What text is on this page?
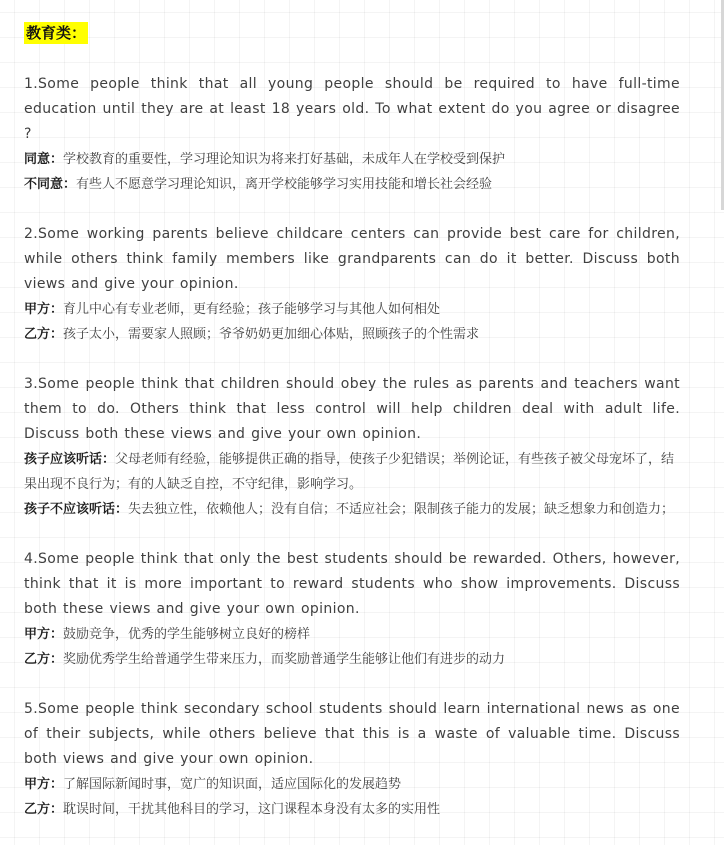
教育类：

1.Some people think that all young people should be required to have full-time education until they are at least 18 years old. To what extent do you agree or disagree ?

同意：学校教育的重要性，学习理论知识为将来打好基础，未成年人在学校受到保护

不同意：有些人不愿意学习理论知识，离开学校能够学习实用技能和增长社会经验

2.Some working parents believe childcare centers can provide best care for children, while others think family members like grandparents can do it better. Discuss both views and give your opinion.

甲方：育儿中心有专业老师，更有经验；孩子能够学习与其他人如何相处

乙方：孩子太小，需要家人照顾；爷爷奶奶更加细心体贴，照顾孩子的个性需求

3.Some people think that children should obey the rules as parents and teachers want them to do. Others think that less control will help children deal with adult life. Discuss both these views and give your own opinion.

孩子应该听话：父母老师有经验，能够提供正确的指导，使孩子少犯错误；举例论证，有些孩子被父母宠坏了，结果出现不良行为；有的人缺乏自控，不守纪律，影响学习。

孩子不应该听话：失去独立性，依赖他人；没有自信；不适应社会；限制孩子能力的发展；缺乏想象力和创造力；

4.Some people think that only the best students should be rewarded. Others, however, think that it is more important to reward students who show improvements. Discuss both these views and give your own opinion.

甲方：鼓励竞争，优秀的学生能够树立良好的榜样

乙方：奖励优秀学生给普通学生带来压力，而奖励普通学生能够让他们有进步的动力

5.Some people think secondary school students should learn international news as one of their subjects, while others believe that this is a waste of valuable time. Discuss both views and give your own opinion.

甲方：了解国际新闻时事，宽广的知识面，适应国际化的发展趋势

乙方：耽误时间，干扰其他科目的学习，这门课程本身没有太多的实用性
